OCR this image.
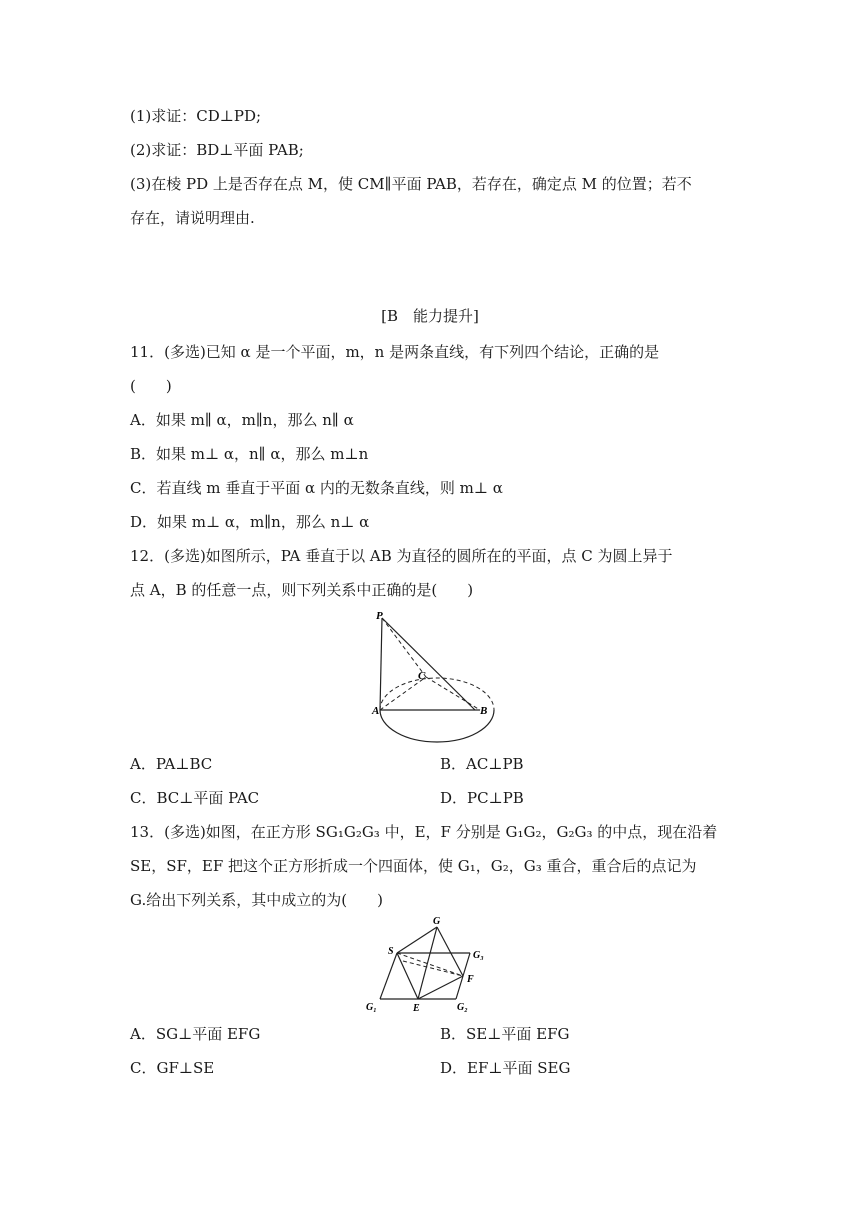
(1)求证：CD⊥PD;
(2)求证：BD⊥平面 PAB;
(3)在棱 PD 上是否存在点 M，使 CM∥平面 PAB，若存在，确定点 M 的位置；若不
存在，请说明理由.
[B　能力提升]
11．(多选)已知 α 是一个平面，m，n 是两条直线，有下列四个结论，正确的是
(　　)
A．如果 m∥ α，m∥n，那么 n∥ α
B．如果 m⊥ α，n∥ α，那么 m⊥n
C．若直线 m 垂直于平面 α 内的无数条直线，则 m⊥ α
D．如果 m⊥ α，m∥n，那么 n⊥ α
12．(多选)如图所示，PA 垂直于以 AB 为直径的圆所在的平面，点 C 为圆上异于
点 A，B 的任意一点，则下列关系中正确的是(　　)
P
C
A	B
A．PA⊥BC	B．AC⊥PB
C．BC⊥平面 PAC	D．PC⊥PB
13．(多选)如图，在正方形 SG₁G₂G₃ 中，E，F 分别是 G₁G₂，G₂G₃ 的中点，现在沿着
SE，SF，EF 把这个正方形折成一个四面体，使 G₁，G₂，G₃ 重合，重合后的点记为
G.给出下列关系，其中成立的为(　　)
G
S	G₃
F
G₁	E	G₂
A．SG⊥平面 EFG	B．SE⊥平面 EFG
C．GF⊥SE	D．EF⊥平面 SEG
